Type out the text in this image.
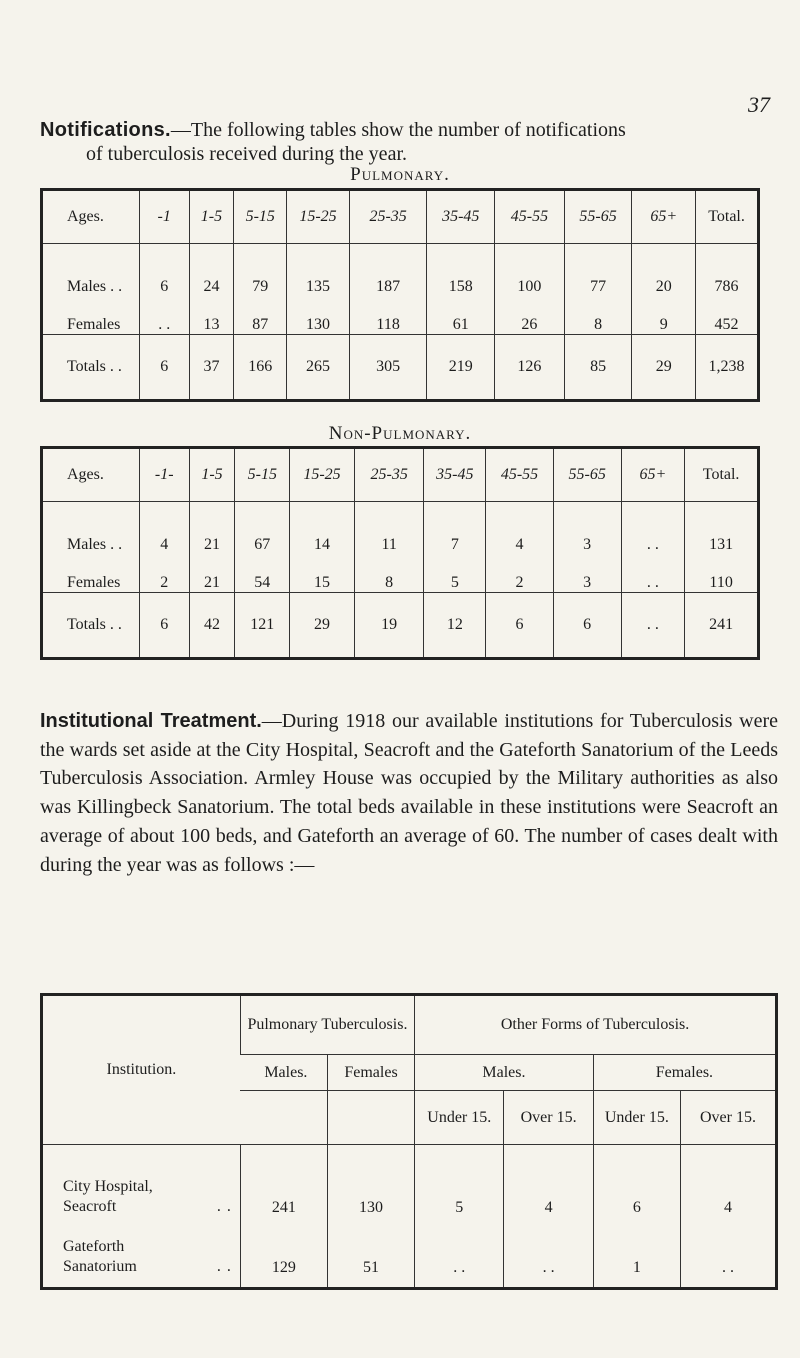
37
Notifications.—The following tables show the number of notifications
of tuberculosis received during the year.
Pulmonary.
Ages.	-1	1-5	5-15	15-25	25-35	35-45	45-55	55-65	65+	Total.
Males . .	6	24	79	135	187	158	100	77	20	786
Females	. .	13	87	130	118	61	26	8	9	452
Totals . .	6	37	166	265	305	219	126	85	29	1,238
Non-Pulmonary.
Ages.	-1-	1-5	5-15	15-25	25-35	35-45	45-55	55-65	65+	Total.
Males . .	4	21	67	14	11	7	4	3	. .	131
Females	2	21	54	15	8	5	2	3	. .	110
Totals . .	6	42	121	29	19	12	6	6	. .	241
Institutional Treatment.—During 1918 our available institutions for Tuberculosis were the wards set aside at the City Hospital, Seacroft and the Gateforth Sanatorium of the Leeds Tuberculosis Association. Armley House was occupied by the Military authorities as also was Killingbeck Sanatorium. The total beds available in these institutions were Seacroft an average of about 100 beds, and Gateforth an average of 60. The number of cases dealt with during the year was as follows :—
Institution.	Pulmonary Tuberculosis.		Other Forms of Tuberculosis.			
	Males.	Females	Males.		Females.	
			Under 15.	Over 15.	Under 15.	Over 15.
City Hospital,
Seacroft . .	241	130	5	4	6	4
Gateforth
Sanatorium . .	129	51	. .	. .	1	. .
